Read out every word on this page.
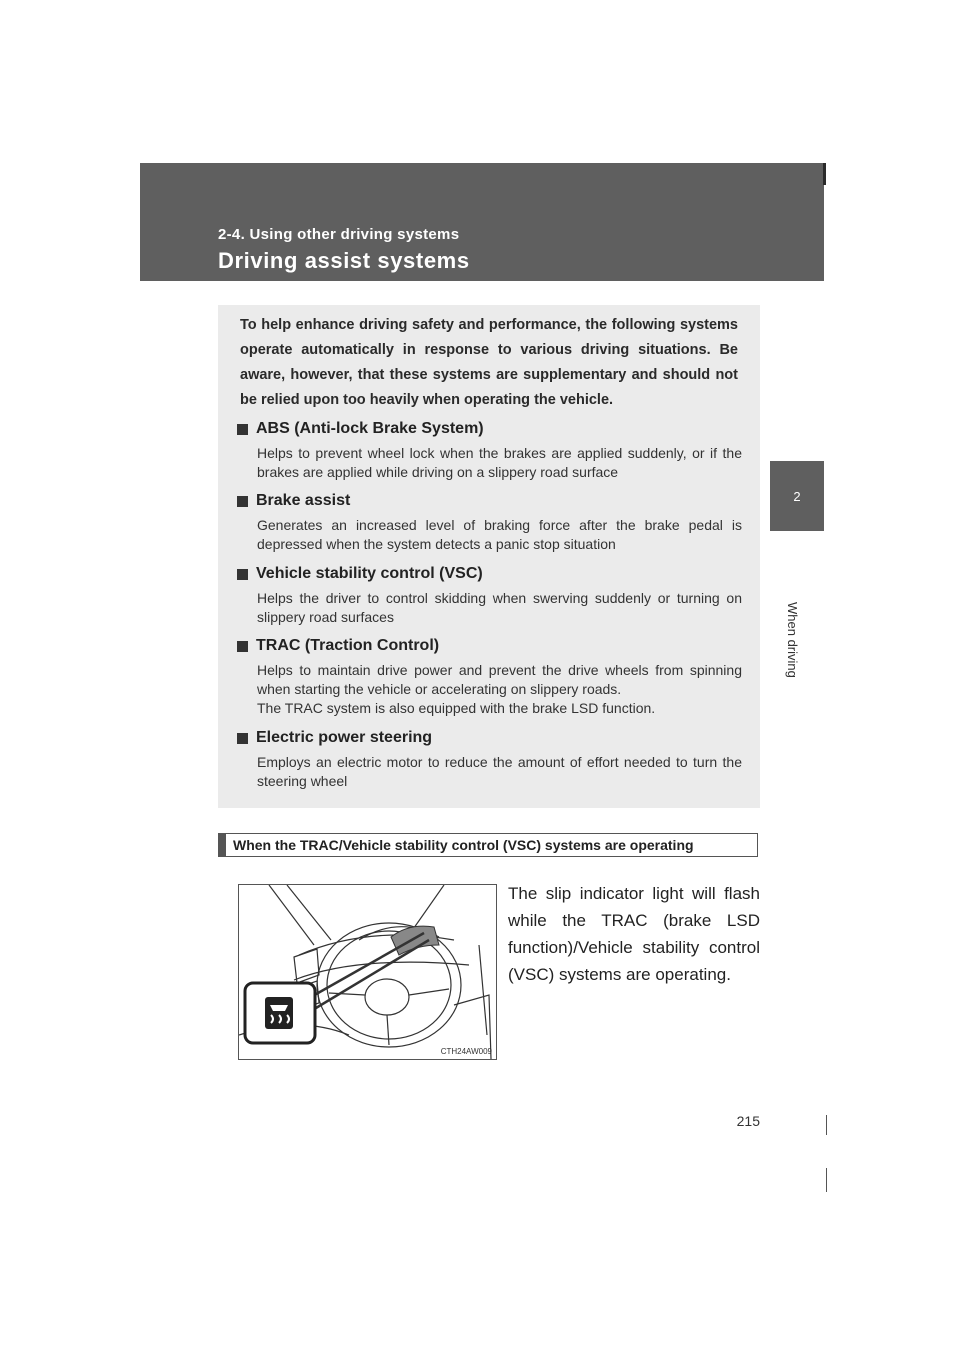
2-4. Using other driving systems
Driving assist systems
2
When driving
To help enhance driving safety and performance, the following systems operate automatically in response to various driving situations. Be aware, however, that these systems are supplementary and should not be relied upon too heavily when operating the vehicle.
ABS (Anti-lock Brake System)
Helps to prevent wheel lock when the brakes are applied suddenly, or if the brakes are applied while driving on a slippery road surface
Brake assist
Generates an increased level of braking force after the brake pedal is depressed when the system detects a panic stop situation
Vehicle stability control (VSC)
Helps the driver to control skidding when swerving suddenly or turning on slippery road surfaces
TRAC (Traction Control)
Helps to maintain drive power and prevent the drive wheels from spinning when starting the vehicle or accelerating on slippery roads.
The TRAC system is also equipped with the brake LSD function.
Electric power steering
Employs an electric motor to reduce the amount of effort needed to turn the steering wheel
When the TRAC/Vehicle stability control (VSC) systems are operating
CTH24AW009
The slip indicator light will flash while the TRAC (brake LSD function)/Vehicle stability control (VSC) systems are operating.
215
